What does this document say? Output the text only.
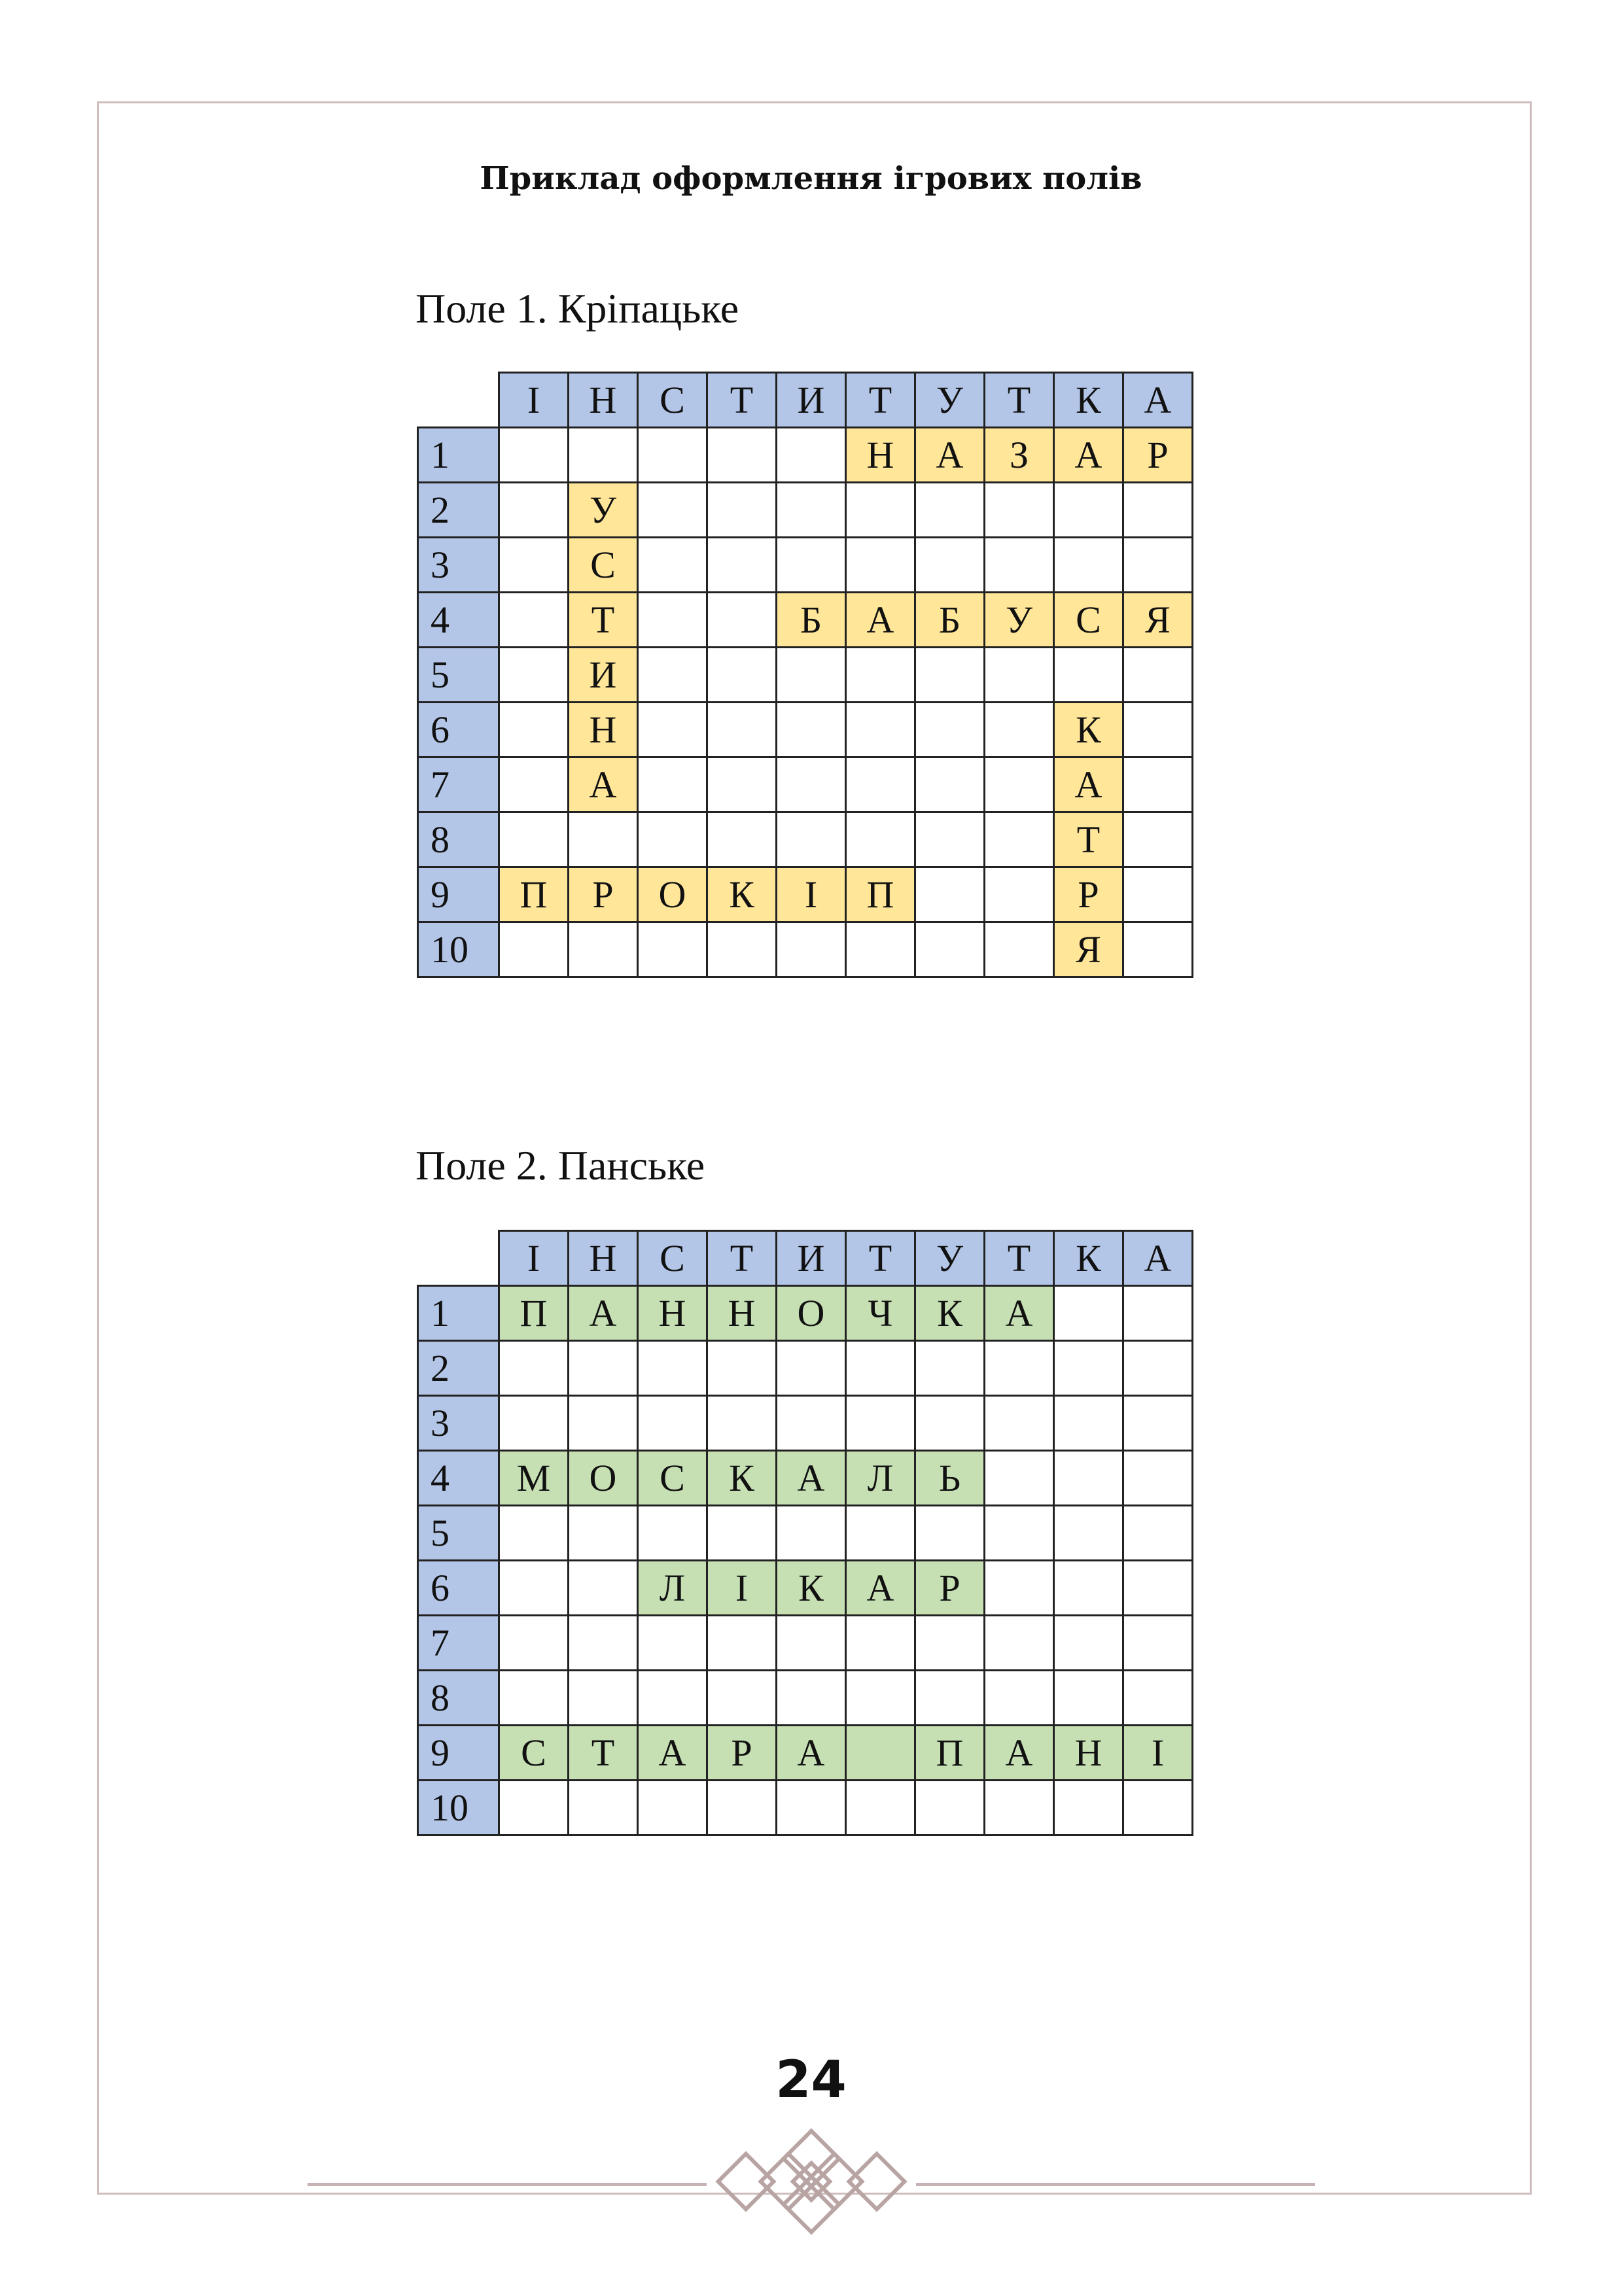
Приклад оформлення ігрових полів
Поле 1. Кріпацьке
	І	Н	С	Т	И	Т	У	Т	К	А
1						Н	А	З	А	Р
2		У								
3		С								
4		Т			Б	А	Б	У	С	Я
5		И								
6		Н							К	
7		А							А	
8									Т	
9	П	Р	О	К	І	П			Р	
10									Я	
Поле 2. Панське
	І	Н	С	Т	И	Т	У	Т	К	А
1	П	А	Н	Н	О	Ч	К	А		
2										
3										
4	М	О	С	К	А	Л	Ь			
5										
6			Л	І	К	А	Р			
7										
8										
9	С	Т	А	Р	А		П	А	Н	І
10										
24
